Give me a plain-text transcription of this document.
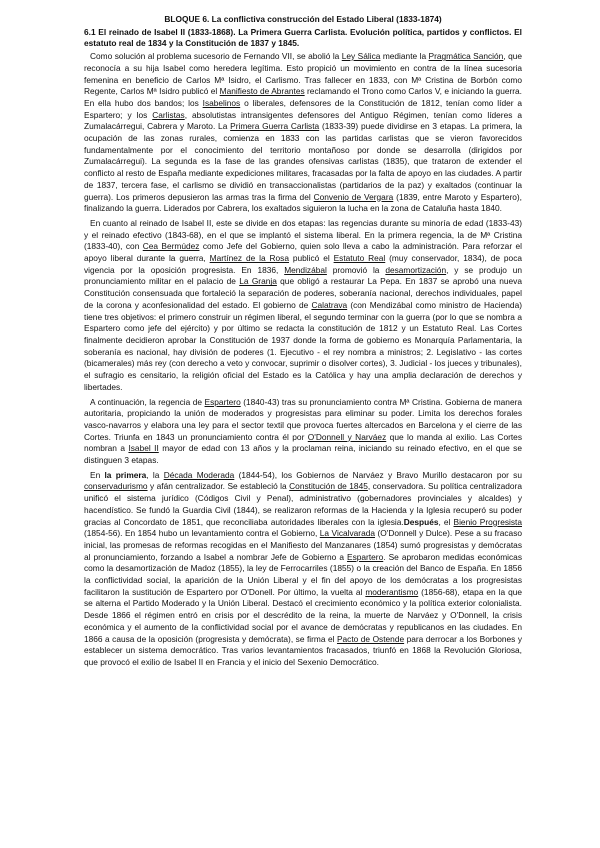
BLOQUE 6. La conflictiva construcción del Estado Liberal (1833-1874)
6.1 El reinado de Isabel II (1833-1868). La Primera Guerra Carlista. Evolución política, partidos y conflictos. El estatuto real de 1834 y la Constitución de 1837 y 1845.

Como solución al problema sucesorio de Fernando VII, se abolió la Ley Sálica mediante la Pragmática Sanción, que reconocía a su hija Isabel como heredera legítima. Esto propició un movimiento en contra de la línea sucesoria femenina en beneficio de Carlos Mª Isidro, el Carlismo. Tras fallecer en 1833, con Mª Cristina de Borbón como Regente, Carlos Mª Isidro publicó el Manifiesto de Abrantes reclamando el Trono como Carlos V, e iniciando la guerra. En ella hubo dos bandos; los Isabelinos o liberales, defensores de la Constitución de 1812, tenían como líder a Espartero; y los Carlistas, absolutistas intransigentes defensores del Antiguo Régimen, tenían como líderes a Zumalacárregui, Cabrera y Maroto. La Primera Guerra Carlista (1833-39) puede dividirse en 3 etapas. La primera, la ocupación de las zonas rurales, comienza en 1833 con las partidas carlistas que se vieron favorecidos fundamentalmente por el conocimiento del territorio montañoso por donde se desarrolla (dirigidos por Zumalacárregui). La segunda es la fase de las grandes ofensivas carlistas (1835), que trataron de extender el conflicto al resto de España mediante expediciones militares, fracasadas por la falta de apoyo en las ciudades. A partir de 1837, tercera fase, el carlismo se dividió en transaccionalistas (partidarios de la paz) y exaltados (continuar la guerra). Los primeros depusieron las armas tras la firma del Convenio de Vergara (1839, entre Maroto y Espartero), finalizando la guerra. Liderados por Cabrera, los exaltados siguieron la lucha en la zona de Cataluña hasta 1840.

En cuanto al reinado de Isabel II, este se divide en dos etapas: las regencias durante su minoría de edad (1833-43) y el reinado efectivo (1843-68), en el que se implantó el sistema liberal. En la primera regencia, la de Mª Cristina (1833-40), con Cea Bermúdez como Jefe del Gobierno, quien solo lleva a cabo la administración. Para reforzar el apoyo liberal durante la guerra, Martínez de la Rosa publicó el Estatuto Real (muy conservador, 1834), de poca vigencia por la oposición progresista. En 1836, Mendizábal promovió la desamortización, y se produjo un pronunciamiento militar en el palacio de La Granja que obligó a restaurar La Pepa. En 1837 se aprobó una nueva Constitución consensuada que fortaleció la separación de poderes, soberanía nacional, derechos individuales, papel de la corona y aconfesionalidad del estado. El gobierno de Calatrava (con Mendizábal como ministro de Hacienda) tiene tres objetivos: el primero construir un régimen liberal, el segundo terminar con la guerra (por lo que se nombra a Espartero como jefe del ejército) y por último se redacta la constitución de 1812 y un Estatuto Real. Las Cortes finalmente decidieron aprobar la Constitución de 1937 donde la forma de gobierno es Monarquía Parlamentaria, la soberanía es nacional, hay división de poderes (1. Ejecutivo - el rey nombra a ministros; 2. Legislativo - las cortes (bicamerales) más rey (con derecho a veto y convocar, suprimir o disolver cortes), 3. Judicial - los jueces y tribunales), el sufragio es censitario, la religión oficial del Estado es la Católica y hay una amplia declaración de derechos y libertades.

A continuación, la regencia de Espartero (1840-43) tras su pronunciamiento contra Mª Cristina. Gobierna de manera autoritaria, propiciando la unión de moderados y progresistas para eliminar su poder. Limita los derechos forales vasco-navarros y elabora una ley para el sector textil que provoca fuertes altercados en Barcelona y el cierre de las Cortes. Triunfa en 1843 un pronunciamiento contra él por O'Donnell y Narváez que lo manda al exilio. Las Cortes nombran a Isabel II mayor de edad con 13 años y la proclaman reina, iniciando su reinado efectivo, en el que se distinguen 3 etapas.

En la primera, la Década Moderada (1844-54), los Gobiernos de Narváez y Bravo Murillo destacaron por su conservadurismo y afán centralizador. Se estableció la Constitución de 1845, conservadora. Su política centralizadora unificó el sistema jurídico (Códigos Civil y Penal), administrativo (gobernadores provinciales y alcaldes) y hacendístico. Se fundó la Guardia Civil (1844), se realizaron reformas de la Hacienda y la Iglesia recuperó su poder gracias al Concordato de 1851, que reconciliaba autoridades liberales con la iglesia.Después, el Bienio Progresista (1854-56). En 1854 hubo un levantamiento contra el Gobierno, La Vicalvarada (O'Donnell y Dulce). Pese a su fracaso inicial, las promesas de reformas recogidas en el Manifiesto del Manzanares (1854) sumó progresistas y demócratas al pronunciamiento, forzando a Isabel a nombrar Jefe de Gobierno a Espartero. Se aprobaron medidas económicas como la desamortización de Madoz (1855), la ley de Ferrocarriles (1855) o la creación del Banco de España. En 1856 la conflictividad social, la aparición de la Unión Liberal y el fin del apoyo de los demócratas a los progresistas facilitaron la sustitución de Espartero por O'Donell. Por último, la vuelta al moderantismo (1856-68), etapa en la que se alterna el Partido Moderado y la Unión Liberal. Destacó el crecimiento económico y la política exterior colonialista. Desde 1866 el régimen entró en crisis por el descrédito de la reina, la muerte de Narváez y O'Donnell, la crisis económica y el aumento de la conflictividad social por el avance de demócratas y republicanos en las ciudades. En 1866 a causa de la oposición (progresista y demócrata), se firma el Pacto de Ostende para derrocar a los Borbones y establecer un sistema democrático. Tras varios levantamientos fracasados, triunfó en 1868 la Revolución Gloriosa, que provocó el exilio de Isabel II en Francia y el inicio del Sexenio Democrático.
